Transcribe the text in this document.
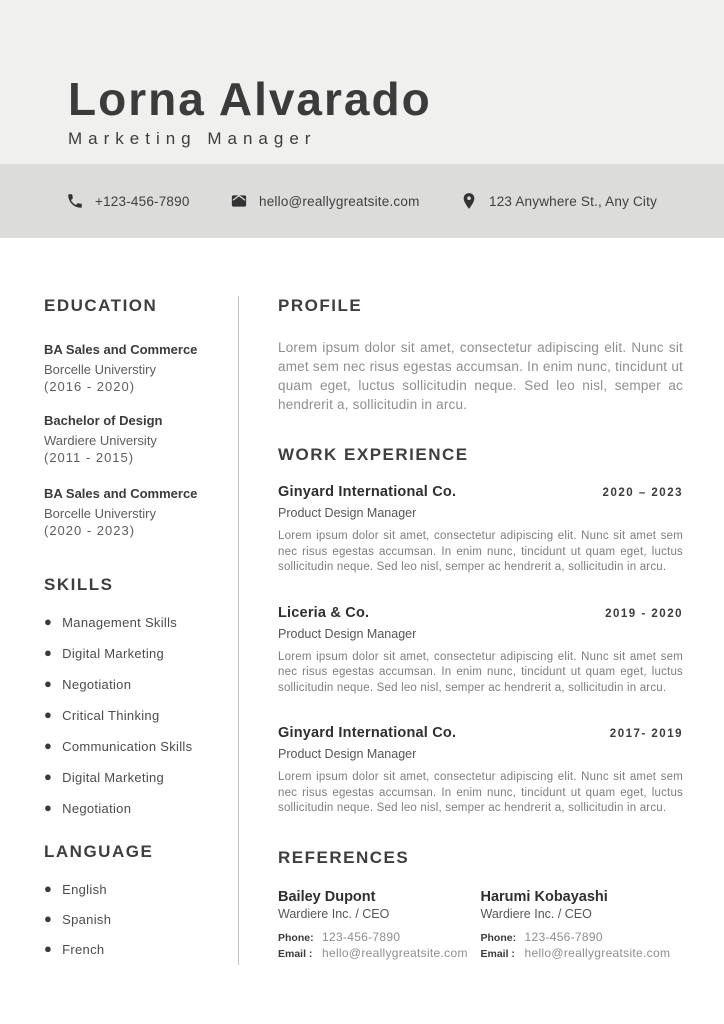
Lorna Alvarado
Marketing Manager
+123-456-7890	hello@reallygreatsite.com	123 Anywhere St., Any City
EDUCATION
BA Sales and Commerce
Borcelle Universtiry
(2016 - 2020)
Bachelor of Design
Wardiere University
(2011 - 2015)
BA Sales and Commerce
Borcelle Universtiry
(2020 - 2023)
SKILLS
● Management Skills
● Digital Marketing
● Negotiation
● Critical Thinking
● Communication Skills
● Digital Marketing
● Negotiation
LANGUAGE
● English
● Spanish
● French
PROFILE

Lorem ipsum dolor sit amet, consectetur adipiscing elit. Nunc sit amet sem nec risus egestas accumsan. In enim nunc, tincidunt ut quam eget, luctus sollicitudin neque. Sed leo nisl, semper ac hendrerit a, sollicitudin in arcu.

WORK EXPERIENCE
Ginyard International Co.	2020 – 2023
Product Design Manager

Lorem ipsum dolor sit amet, consectetur adipiscing elit. Nunc sit amet sem nec risus egestas accumsan. In enim nunc, tincidunt ut quam eget, luctus sollicitudin neque. Sed leo nisl, semper ac hendrerit a, sollicitudin in arcu.

Liceria & Co.	2019 - 2020
Product Design Manager

Lorem ipsum dolor sit amet, consectetur adipiscing elit. Nunc sit amet sem nec risus egestas accumsan. In enim nunc, tincidunt ut quam eget, luctus sollicitudin neque. Sed leo nisl, semper ac hendrerit a, sollicitudin in arcu.

Ginyard International Co.	2017- 2019
Product Design Manager

Lorem ipsum dolor sit amet, consectetur adipiscing elit. Nunc sit amet sem nec risus egestas accumsan. In enim nunc, tincidunt ut quam eget, luctus sollicitudin neque. Sed leo nisl, semper ac hendrerit a, sollicitudin in arcu.

REFERENCES
Bailey Dupont
Wardiere Inc. / CEO
Phone: 123-456-7890
Email : hello@reallygreatsite.com
Harumi Kobayashi
Wardiere Inc. / CEO
Phone: 123-456-7890
Email : hello@reallygreatsite.com
